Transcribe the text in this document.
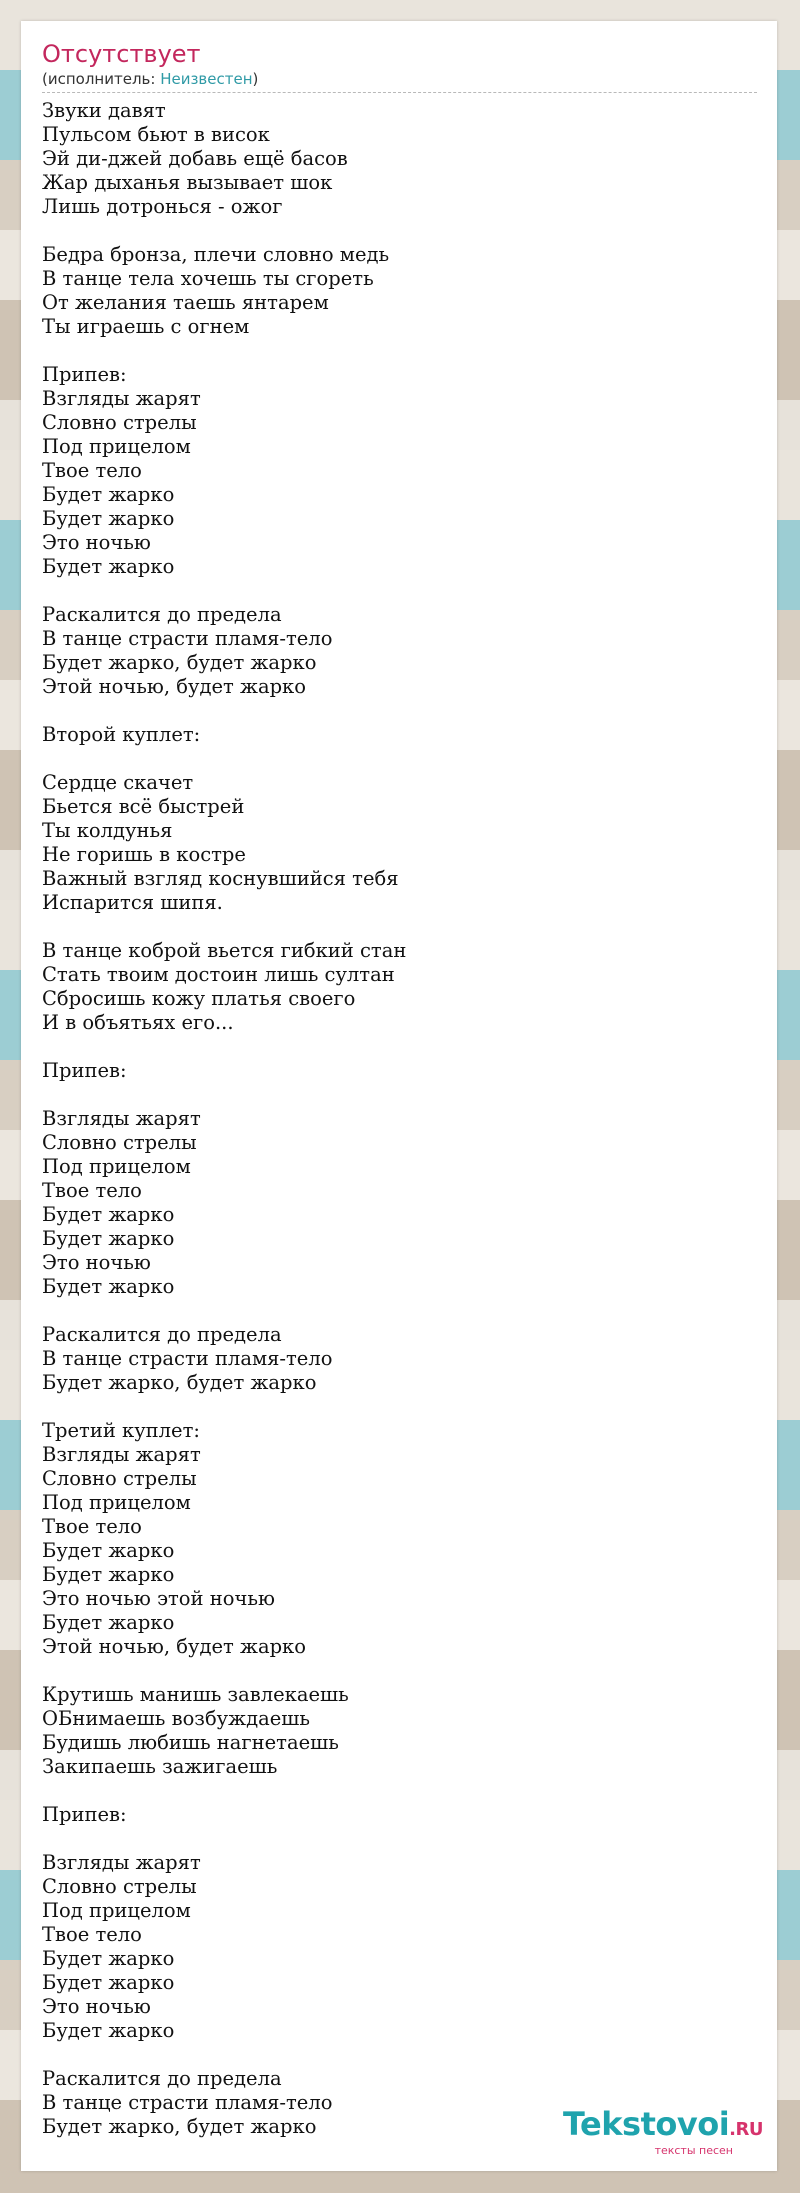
Отсутствует
(исполнитель: Неизвестен)
Звуки давят
Пульсом бьют в висок
Эй ди-джей добавь ещё басов
Жар дыханья вызывает шок
Лишь дотронься - ожог
Бедра бронза, плечи словно медь
В танце тела хочешь ты сгореть
От желания таешь янтарем
Ты играешь с огнем
Припев:
Взгляды жарят
Словно стрелы
Под прицелом
Твое тело
Будет жарко
Будет жарко
Это ночью
Будет жарко
Раскалится до предела
В танце страсти пламя-тело
Будет жарко, будет жарко
Этой ночью, будет жарко
Второй куплет:
Сердце скачет
Бьется всё быстрей
Ты колдунья
Не горишь в костре
Важный взгляд коснувшийся тебя
Испарится шипя.
В танце коброй вьется гибкий стан
Стать твоим достоин лишь султан
Сбросишь кожу платья своего
И в объятьях его...
Припев:
Взгляды жарят
Словно стрелы
Под прицелом
Твое тело
Будет жарко
Будет жарко
Это ночью
Будет жарко
Раскалится до предела
В танце страсти пламя-тело
Будет жарко, будет жарко
Третий куплет:
Взгляды жарят
Словно стрелы
Под прицелом
Твое тело
Будет жарко
Будет жарко
Это ночью этой ночью
Будет жарко
Этой ночью, будет жарко
Крутишь манишь завлекаешь
ОБнимаешь возбуждаешь
Будишь любишь нагнетаешь
Закипаешь зажигаешь
Припев:
Взгляды жарят
Словно стрелы
Под прицелом
Твое тело
Будет жарко
Будет жарко
Это ночью
Будет жарко
Раскалится до предела
В танце страсти пламя-тело
Будет жарко, будет жарко	Tekstovoi.RU
тексты песен
